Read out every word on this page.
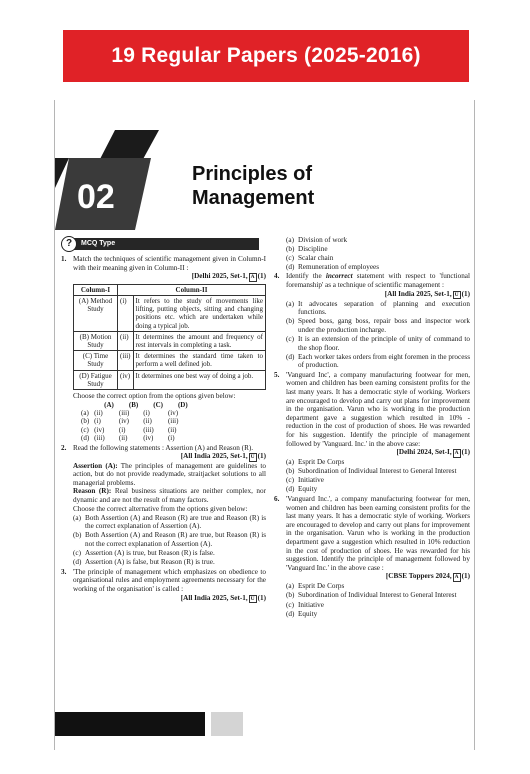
19 Regular Papers (2025-2016)
02
Principles of
Management
?	MCQ Type
1. Match the techniques of scientific management given in Column-I with their meaning given in Column-II :
[Delhi 2025, Set-1, A (1)
Column-I	Column-II	
(A) Method Study	(i)	It refers to the study of movements like lifting, putting objects, sitting and changing positions etc. which are undertaken while doing a typical job.
(B) Motion Study	(ii)	It determines the amount and frequency of rest intervals in completing a task.
(C) Time Study	(iii)	It determines the standard time taken to perform a well defined job.
(D) Fatigue Study	(iv)	It determines one best way of doing a job.
Choose the correct option from the options given below:
	(A)	(B)	(C)	(D)
(a)	(ii)	(iii)	(i)	(iv)
(b)	(i)	(iv)	(ii)	(iii)
(c)	(iv)	(i)	(iii)	(ii)
(d)	(iii)	(ii)	(iv)	(i)
2. Read the following statements : Assertion (A) and Reason (R).
[All India 2025, Set-1, U (1)
Assertion (A): The principles of management are guidelines to action, but do not provide readymade, straitjacket solutions to all managerial problems.
Reason (R): Real business situations are neither complex, nor dynamic and are not the result of many factors.
Choose the correct alternative from the options given below:
(a) Both Assertion (A) and Reason (R) are true and Reason (R) is the correct explanation of Assertion (A).
(b) Both Assertion (A) and Reason (R) are true, but Reason (R) is not the correct explanation of Assertion (A).
(c) Assertion (A) is true, but Reason (R) is false.
(d) Assertion (A) is false, but Reason (R) is true.
3. 'The principle of management which emphasizes on obedience to organisational rules and employment agreements necessary for the working of the organisation' is called :
[All India 2025, Set-1, U (1)
(a) Division of work
(b) Discipline
(c) Scalar chain
(d) Remuneration of employees
4. Identify the incorrect statement with respect to 'functional foremanship' as a technique of scientific management :
[All India 2025, Set-1, U (1)
(a) It advocates separation of planning and execution functions.
(b) Speed boss, gang boss, repair boss and inspector work under the production incharge.
(c) It is an extension of the principle of unity of command to the shop floor.
(d) Each worker takes orders from eight foremen in the process of production.
5. 'Vanguard Inc', a company manufacturing footwear for men, women and children has been earning consistent profits for the last many years. It has a democratic style of working. Workers are encouraged to develop and carry out plans for improvement in the organisation. Varun who is working in the production department gave a suggestion which resulted in 10% - reduction in the cost of production of shoes. He was rewarded for his suggestion. Identify the principle of management followed by 'Vanguard. Inc.' in the above case:
[Delhi 2024, Set-I, A (1)
(a) Esprit De Corps
(b) Subordination of Individual Interest to General Interest
(c) Initiative
(d) Equity
6. 'Vanguard Inc.', a company manufacturing footwear for men, women and children has been earning consistent profits for the last many years. It has a democratic style of working. Workers are encouraged to develop and carry out plans for improvement in the organisation. Varun who is working in the production department gave a suggestion which resulted in 10% reduction in the cost of production of shoes. He was rewarded for his suggestion. Identify the principle of management followed by 'Vanguard Inc.' in the above case :
[CBSE Toppers 2024, A (1)
(a) Esprit De Corps
(b) Subordination of Individual Interest to General Interest
(c) Initiative
(d) Equity
